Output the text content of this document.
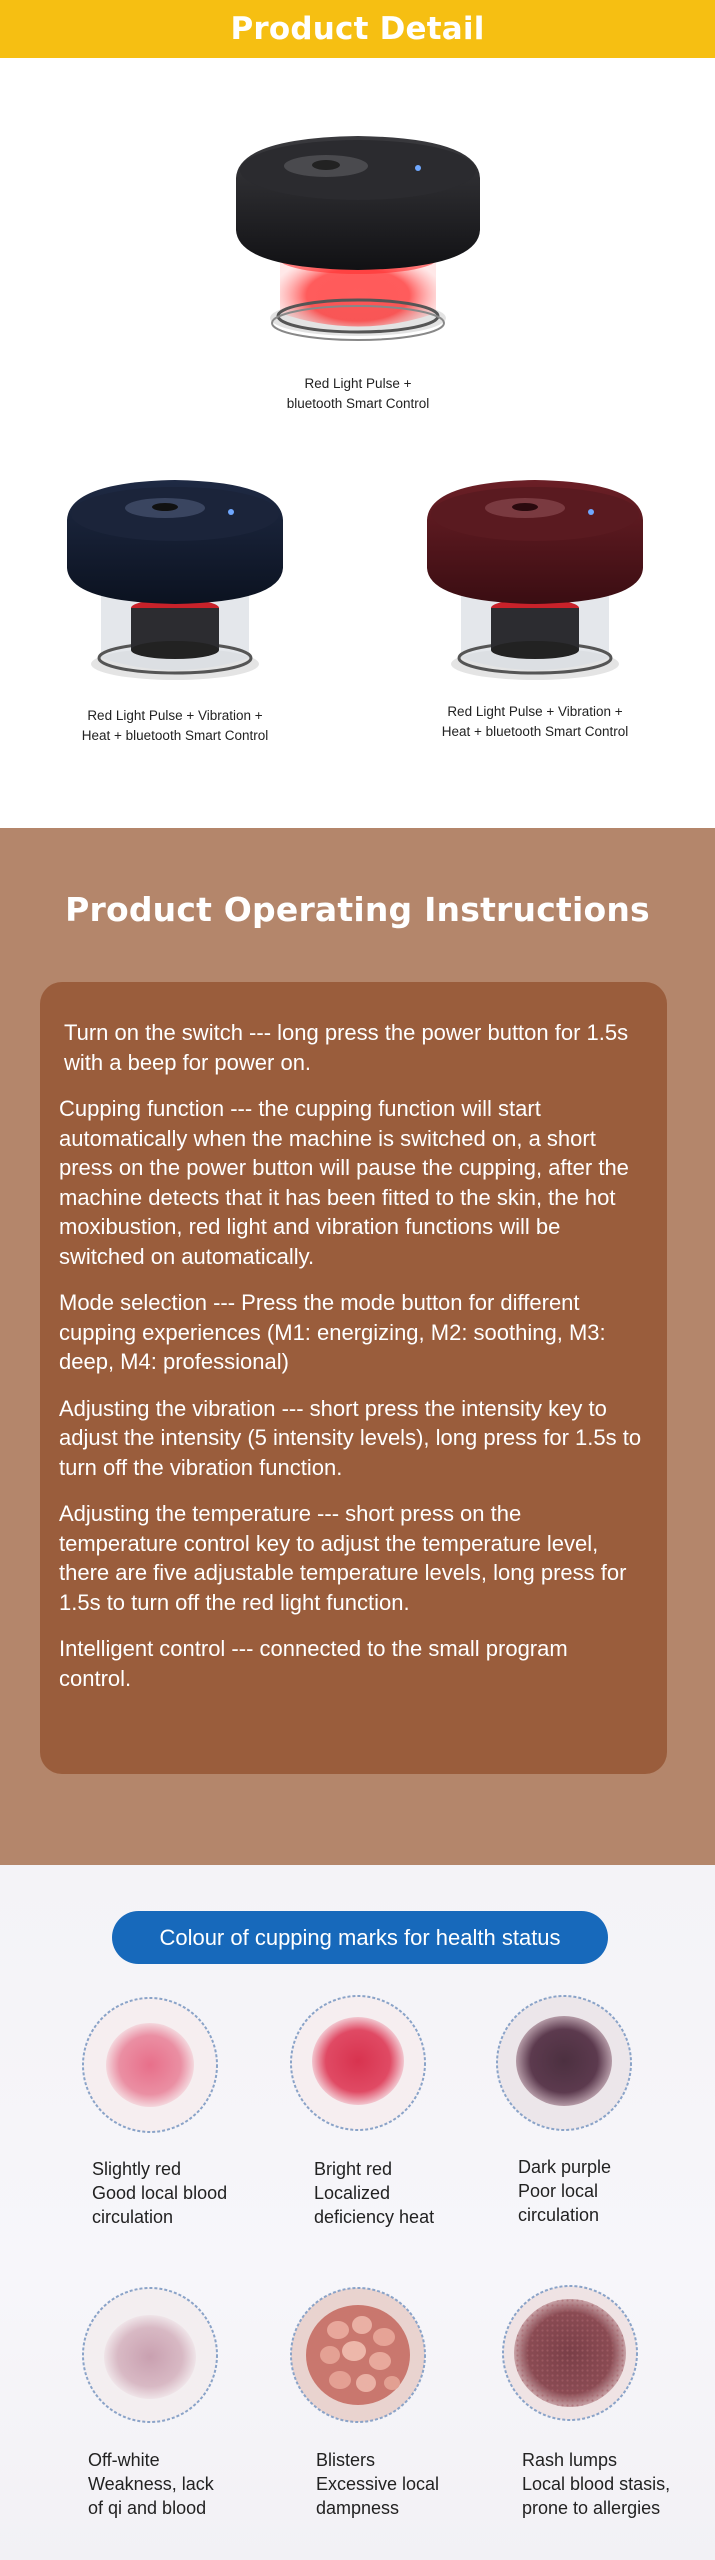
Product Detail
Red Light Pulse +
bluetooth Smart Control
Red Light Pulse + Vibration +
Heat + bluetooth Smart Control
Red Light Pulse + Vibration +
Heat + bluetooth Smart Control
Product Operating Instructions

Turn on the switch --- long press the power button for 1.5s with a beep for power on.

Cupping function --- the cupping function will start automatically when the machine is switched on, a short press on the power button will pause the cupping, after the machine detects that it has been fitted to the skin, the hot moxibustion, red light and vibration functions will be switched on automatically.

Mode selection --- Press the mode button for different cupping experiences (M1: energizing, M2: soothing, M3: deep, M4: professional)

Adjusting the vibration --- short press the intensity key to adjust the intensity (5 intensity levels), long press for 1.5s to turn off the vibration function.

Adjusting the temperature --- short press on the temperature control key to adjust the temperature level, there are five adjustable temperature levels, long press for 1.5s to turn off the red light function.

Intelligent control --- connected to the small program control.

Colour of cupping marks for health status
Slightly red
Good local blood
circulation
Bright red
Localized
deficiency heat
Dark purple
Poor local
circulation
Off-white
Weakness, lack
of qi and blood
Blisters
Excessive local
dampness
Rash lumps
Local blood stasis,
prone to allergies
